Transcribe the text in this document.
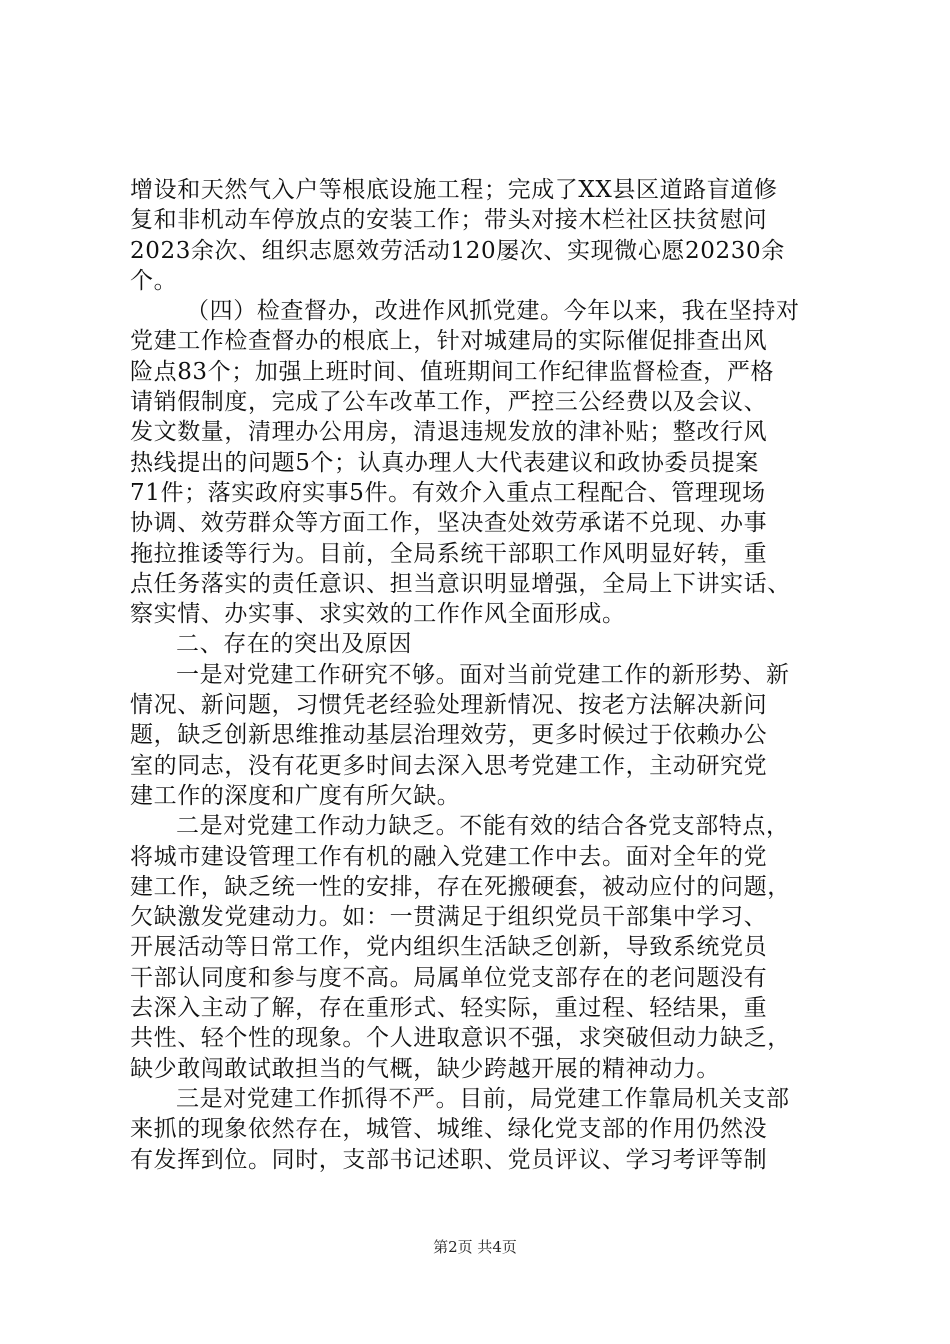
增设和天然气入户等根底设施工程；完成了XX县区道路盲道修
复和非机动车停放点的安装工作；带头对接木栏社区扶贫慰问
2023余次、组织志愿效劳活动120屡次、实现微心愿20230余
个。
（四）检查督办，改进作风抓党建。今年以来，我在坚持对
党建工作检查督办的根底上，针对城建局的实际催促排查出风
险点83个；加强上班时间、值班期间工作纪律监督检查，严格
请销假制度，完成了公车改革工作，严控三公经费以及会议、
发文数量，清理办公用房，清退违规发放的津补贴；整改行风
热线提出的问题5个；认真办理人大代表建议和政协委员提案
71件；落实政府实事5件。有效介入重点工程配合、管理现场
协调、效劳群众等方面工作，坚决查处效劳承诺不兑现、办事
拖拉推诿等行为。目前，全局系统干部职工作风明显好转，重
点任务落实的责任意识、担当意识明显增强，全局上下讲实话、
察实情、办实事、求实效的工作作风全面形成。
二、存在的突出及原因
一是对党建工作研究不够。面对当前党建工作的新形势、新
情况、新问题，习惯凭老经验处理新情况、按老方法解决新问
题，缺乏创新思维推动基层治理效劳，更多时候过于依赖办公
室的同志，没有花更多时间去深入思考党建工作，主动研究党
建工作的深度和广度有所欠缺。
二是对党建工作动力缺乏。不能有效的结合各党支部特点，
将城市建设管理工作有机的融入党建工作中去。面对全年的党
建工作，缺乏统一性的安排，存在死搬硬套，被动应付的问题，
欠缺激发党建动力。如：一贯满足于组织党员干部集中学习、
开展活动等日常工作，党内组织生活缺乏创新，导致系统党员
干部认同度和参与度不高。局属单位党支部存在的老问题没有
去深入主动了解，存在重形式、轻实际，重过程、轻结果，重
共性、轻个性的现象。个人进取意识不强，求突破但动力缺乏，
缺少敢闯敢试敢担当的气概，缺少跨越开展的精神动力。
三是对党建工作抓得不严。目前，局党建工作靠局机关支部
来抓的现象依然存在，城管、城维、绿化党支部的作用仍然没
有发挥到位。同时，支部书记述职、党员评议、学习考评等制
第2页 共4页
